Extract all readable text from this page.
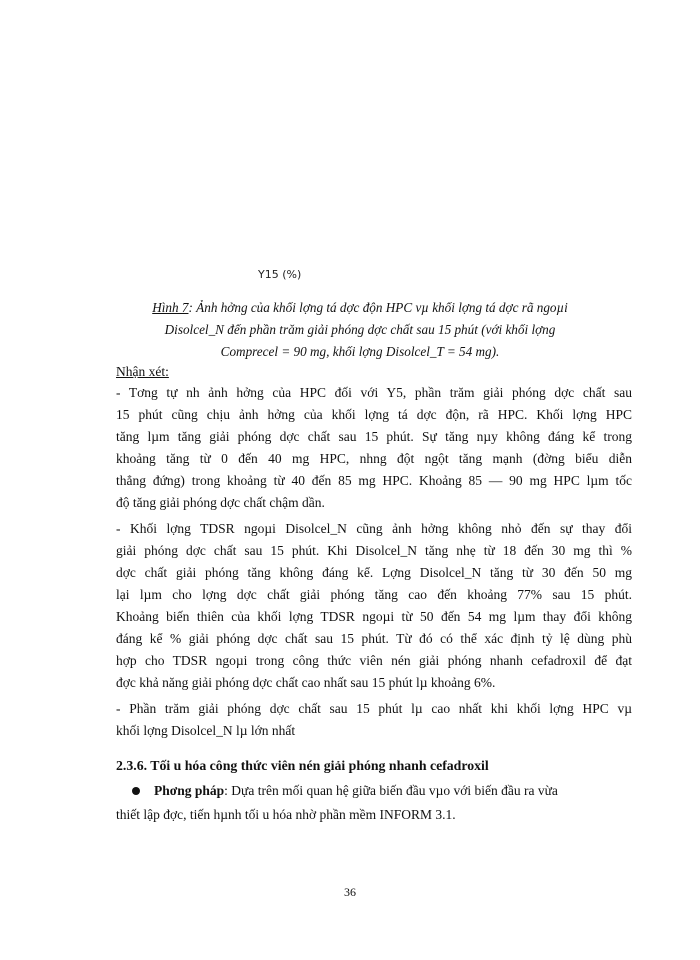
Y15 (%)
Hình 7: Ảnh hởng của khối lợng tá dợc độn HPC vµ khối lợng tá dợc rã ngoµi
Disolcel_N đến phần trăm giải phóng dợc chất sau 15 phút (với khối lợng
Comprecel = 90 mg, khối lợng Disolcel_T = 54 mg).
Nhận xét:
- Tơng tự nh ảnh hởng của HPC đối với Y5, phần trăm giải phóng dợc chất sau
15 phút cũng chịu ảnh hởng của khối lợng tá dợc độn, rã HPC. Khối lợng HPC
tăng lµm tăng giải phóng dợc chất sau 15 phút. Sự tăng nµy không đáng kể trong
khoảng tăng từ 0 đến 40 mg HPC, nhng đột ngột tăng mạnh (đờng biểu diễn
thẳng đứng) trong khoảng từ 40 đến 85 mg HPC. Khoảng 85 — 90 mg HPC lµm tốc
độ tăng giải phóng dợc chất chậm dần.
- Khối lợng TDSR ngoµi Disolcel_N cũng ảnh hởng không nhỏ đến sự thay đổi
giải phóng dợc chất sau 15 phút. Khi Disolcel_N tăng nhẹ từ 18 đến 30 mg thì %
dợc chất giải phóng tăng không đáng kể. Lợng Disolcel_N tăng từ 30 đến 50 mg
lại lµm cho lợng dợc chất giải phóng tăng cao đến khoảng 77% sau 15 phút.
Khoảng biến thiên của khối lợng TDSR ngoµi từ 50 đến 54 mg lµm thay đổi không
đáng kể % giải phóng dợc chất sau 15 phút. Từ đó có thể xác định tỷ lệ dùng phù
hợp cho TDSR ngoµi trong công thức viên nén giải phóng nhanh cefadroxil để đạt
đợc khả năng giải phóng dợc chất cao nhất sau 15 phút lµ khoảng 6%.
- Phần trăm giải phóng dợc chất sau 15 phút lµ cao nhất khi khối lợng HPC vµ
khối lợng Disolcel_N lµ lớn nhất
2.3.6. Tối u hóa công thức viên nén giải phóng nhanh cefadroxil
Phơng pháp: Dựa trên mối quan hệ giữa biến đầu vµo với biến đầu ra vừa
thiết lập đợc, tiến hµnh tối u hóa nhờ phần mềm INFORM 3.1.
36
